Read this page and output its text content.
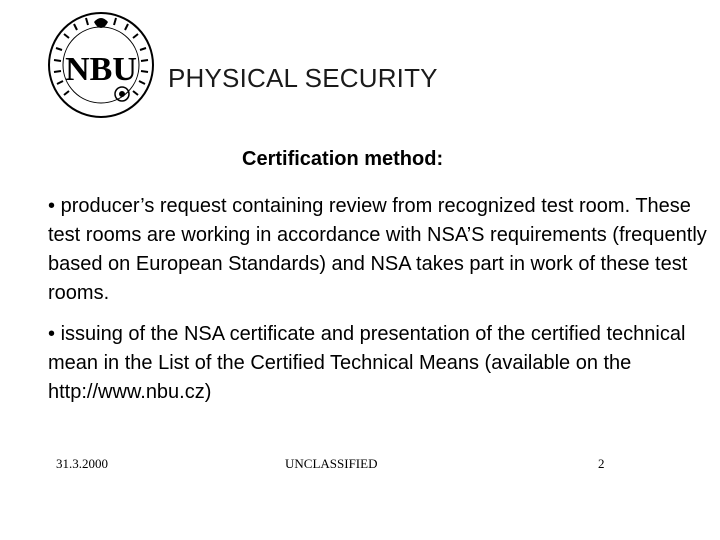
NBU PHYSICAL SECURITY
Certification method:
• producer’s request containing review from recognized test room. These test rooms are working in accordance with NSA’S requirements (frequently based on European Standards) and NSA takes part in work of these test rooms.
• issuing of the NSA certificate and presentation of the certified technical mean in the List of the Certified Technical Means (available on the http://www.nbu.cz)
31.3.2000	UNCLASSIFIED	2
